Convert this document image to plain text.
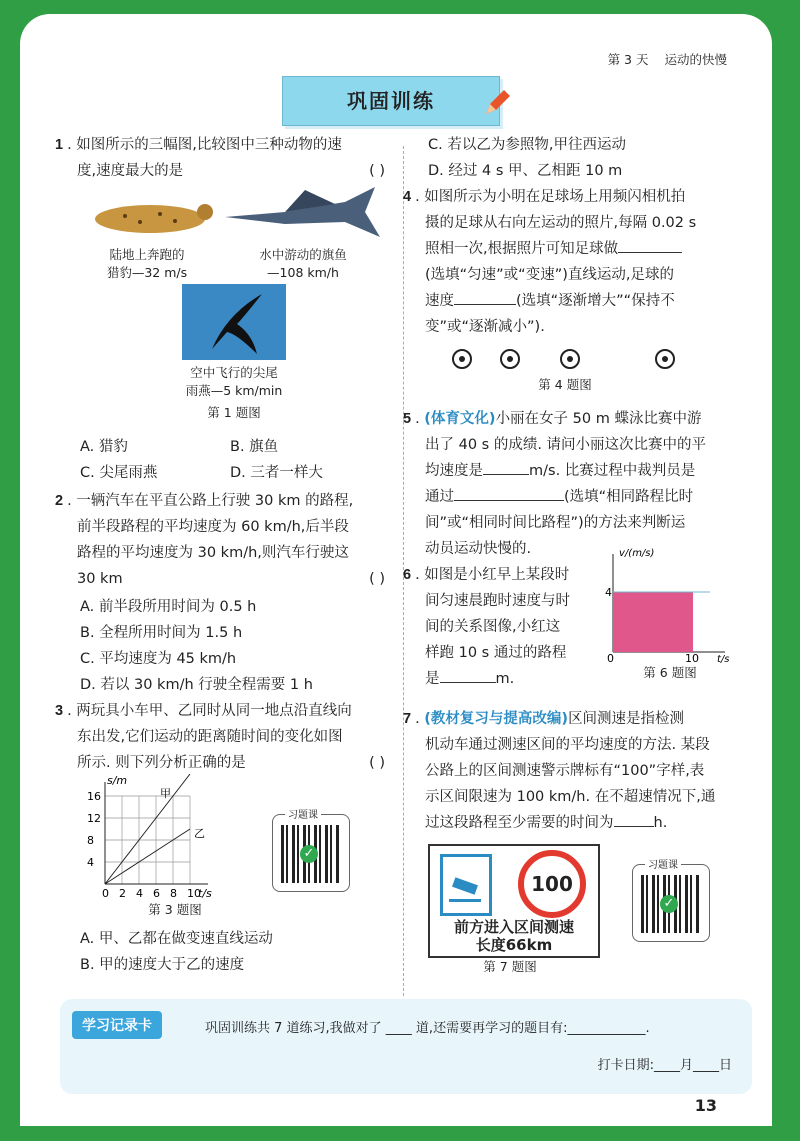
第 3 天 运动的快慢
巩固训练
1 . 如图所示的三幅图,比较图中三种动物的速
度,速度最大的是	( )
陆地上奔跑的
猎豹—32 m/s
水中游动的旗鱼
—108 km/h
空中飞行的尖尾
雨燕—5 km/min
第 1 题图
A. 猎豹	B. 旗鱼
C. 尖尾雨燕	D. 三者一样大
2 . 一辆汽车在平直公路上行驶 30 km 的路程,
前半段路程的平均速度为 60 km/h,后半段
路程的平均速度为 30 km/h,则汽车行驶这
30 km	( )
A. 前半段所用时间为 0.5 h
B. 全程所用时间为 1.5 h
C. 平均速度为 45 km/h
D. 若以 30 km/h 行驶全程需要 1 h
3 . 两玩具小车甲、乙同时从同一地点沿直线向
东出发,它们运动的距离随时间的变化如图
所示. 则下列分析正确的是	( )
4
8
12
16
0 2 4 6 8 10
甲
乙
s/m
t/s
第 3 题图
习题课
✓
A. 甲、乙都在做变速直线运动
B. 甲的速度大于乙的速度
C. 若以乙为参照物,甲往西运动
D. 经过 4 s 甲、乙相距 10 m
4 . 如图所示为小明在足球场上用频闪相机拍
摄的足球从右向左运动的照片,每隔 0.02 s
照相一次,根据照片可知足球做
(选填“匀速”或“变速”)直线运动,足球的
速度	(选填“逐渐增大”“保持不
变”或“逐渐减小”).
第 4 题图
5 . (体育文化)小丽在女子 50 m 蝶泳比赛中游
出了 40 s 的成绩. 请问小丽这次比赛中的平
均速度是	m/s. 比赛过程中裁判员是
通过	(选填“相同路程比时
间”或“相同时间比路程”)的方法来判断运
动员运动快慢的.
6 . 如图是小红早上某段时
间匀速晨跑时速度与时
间的关系图像,小红这
样跑 10 s 通过的路程
是	m.
v/(m/s)
4
0	10 t/s
第 6 题图
7 . (教材复习与提高改编)区间测速是指检测
机动车通过测速区间的平均速度的方法. 某段
公路上的区间测速警示牌标有“100”字样,表
示区间限速为 100 km/h. 在不超速情况下,通
过这段路程至少需要的时间为	h.
100
前方进入区间测速
长度66km
第 7 题图
习题课
✓
学习记录卡	巩固训练共 7 道练习,我做对了 ____ 道,还需要再学习的题目有:____________.
打卡日期:____月____日
13
